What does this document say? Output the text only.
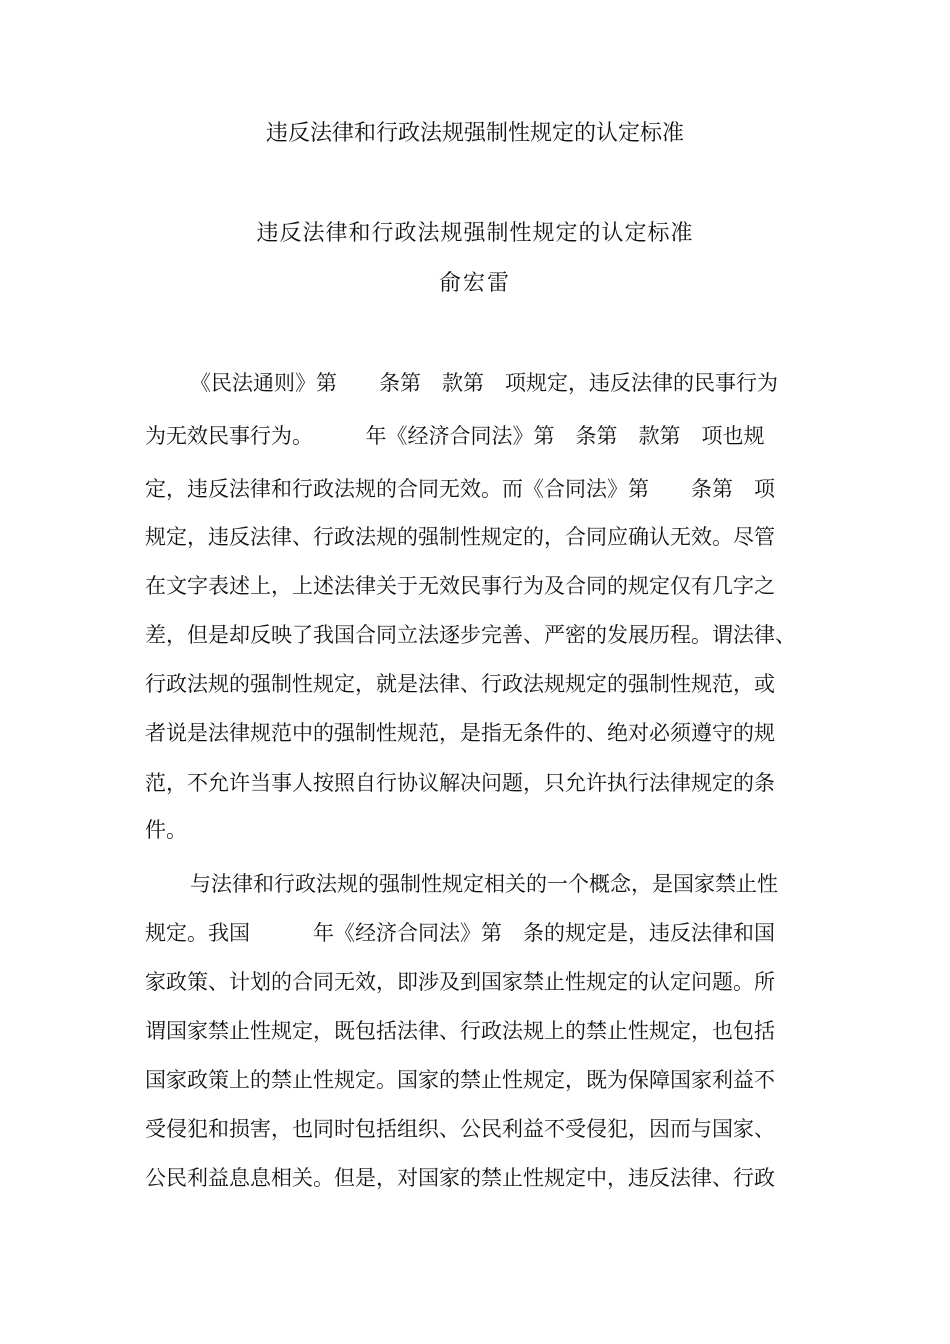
违反法律和行政法规强制性规定的认定标准
违反法律和行政法规强制性规定的认定标准
俞宏雷
《民法通则》第　　条第　款第　项规定，违反法律的民事行为
为无效民事行为。　　　年《经济合同法》第　条第　款第　项也规
定，违反法律和行政法规的合同无效。而《合同法》第　　条第　项
规定，违反法律、行政法规的强制性规定的，合同应确认无效。尽管
在文字表述上，上述法律关于无效民事行为及合同的规定仅有几字之
差，但是却反映了我国合同立法逐步完善、严密的发展历程。谓法律、
行政法规的强制性规定，就是法律、行政法规规定的强制性规范，或
者说是法律规范中的强制性规范，是指无条件的、绝对必须遵守的规
范，不允许当事人按照自行协议解决问题，只允许执行法律规定的条
件。
与法律和行政法规的强制性规定相关的一个概念，是国家禁止性
规定。我国　　　年《经济合同法》第　条的规定是，违反法律和国
家政策、计划的合同无效，即涉及到国家禁止性规定的认定问题。所
谓国家禁止性规定，既包括法律、行政法规上的禁止性规定，也包括
国家政策上的禁止性规定。国家的禁止性规定，既为保障国家利益不
受侵犯和损害，也同时包括组织、公民利益不受侵犯，因而与国家、
公民利益息息相关。但是，对国家的禁止性规定中，违反法律、行政
